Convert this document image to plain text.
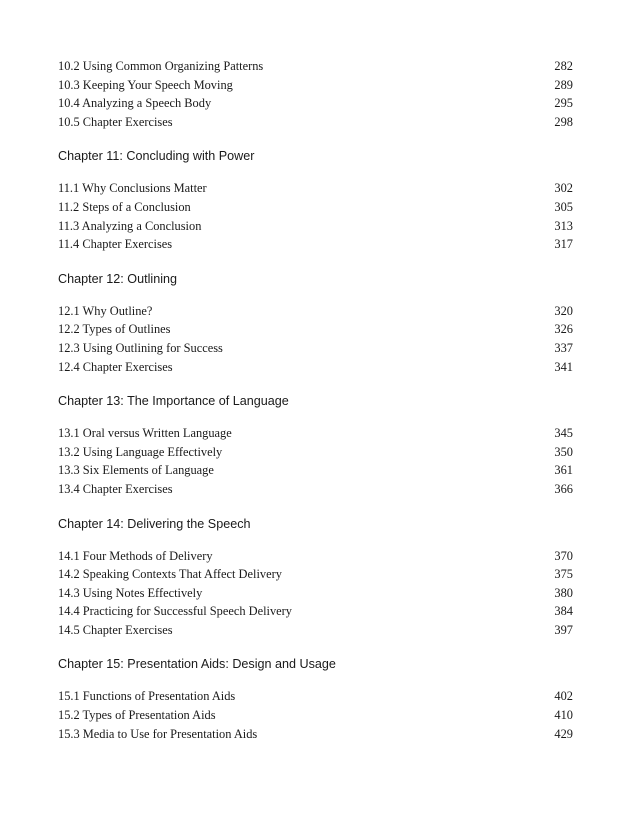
10.2 Using Common Organizing Patterns	282
10.3 Keeping Your Speech Moving	289
10.4 Analyzing a Speech Body	295
10.5 Chapter Exercises	298
Chapter 11: Concluding with Power
11.1 Why Conclusions Matter	302
11.2 Steps of a Conclusion	305
11.3 Analyzing a Conclusion	313
11.4 Chapter Exercises	317
Chapter 12: Outlining
12.1 Why Outline?	320
12.2 Types of Outlines	326
12.3 Using Outlining for Success	337
12.4 Chapter Exercises	341
Chapter 13: The Importance of Language
13.1 Oral versus Written Language	345
13.2 Using Language Effectively	350
13.3 Six Elements of Language	361
13.4 Chapter Exercises	366
Chapter 14: Delivering the Speech
14.1 Four Methods of Delivery	370
14.2 Speaking Contexts That Affect Delivery	375
14.3 Using Notes Effectively	380
14.4 Practicing for Successful Speech Delivery	384
14.5 Chapter Exercises	397
Chapter 15: Presentation Aids: Design and Usage
15.1 Functions of Presentation Aids	402
15.2 Types of Presentation Aids	410
15.3 Media to Use for Presentation Aids	429
